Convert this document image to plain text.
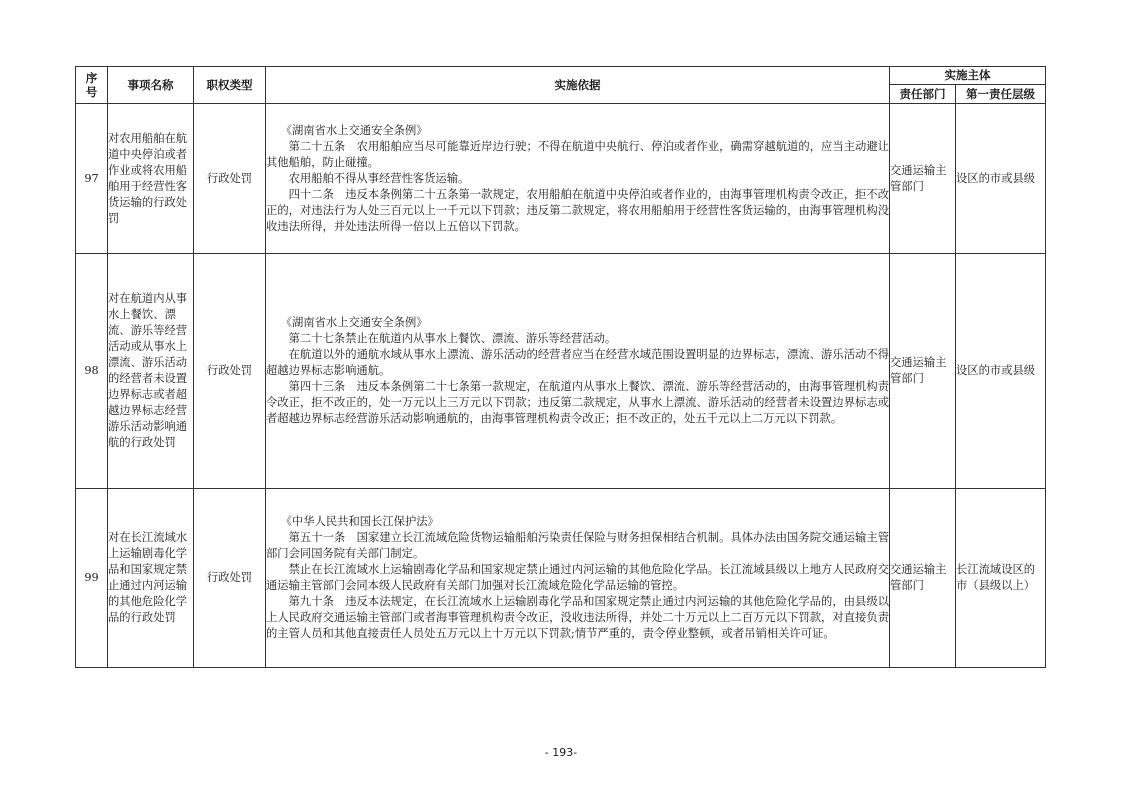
序号	事项名称	职权类型	实施依据	实施主体	
				责任部门	第一责任层级
97	对农用船舶在航道中央停泊或者作业或将农用船舶用于经营性客货运输的行政处罚	行政处罚	《湖南省水上交通安全条例》

第二十五条　农用船舶应当尽可能靠近岸边行驶；不得在航道中央航行、停泊或者作业，确需穿越航道的，应当主动避让其他船舶，防止碰撞。

农用船舶不得从事经营性客货运输。

四十二条　违反本条例第二十五条第一款规定，农用船舶在航道中央停泊或者作业的，由海事管理机构责令改正，拒不改正的，对违法行为人处三百元以上一千元以下罚款；违反第二款规定，将农用船舶用于经营性客货运输的，由海事管理机构没收违法所得，并处违法所得一倍以上五倍以下罚款。	交通运输主管部门	设区的市或县级
98	对在航道内从事水上餐饮、漂流、游乐等经营活动或从事水上漂流、游乐活动的经营者未设置边界标志或者超越边界标志经营游乐活动影响通航的行政处罚	行政处罚	《湖南省水上交通安全条例》

第二十七条禁止在航道内从事水上餐饮、漂流、游乐等经营活动。

在航道以外的通航水域从事水上漂流、游乐活动的经营者应当在经营水域范围设置明显的边界标志，漂流、游乐活动不得超越边界标志影响通航。

第四十三条　违反本条例第二十七条第一款规定，在航道内从事水上餐饮、漂流、游乐等经营活动的，由海事管理机构责令改正，拒不改正的，处一万元以上三万元以下罚款；违反第二款规定，从事水上漂流、游乐活动的经营者未设置边界标志或者超越边界标志经营游乐活动影响通航的，由海事管理机构责令改正；拒不改正的，处五千元以上二万元以下罚款。	交通运输主管部门	设区的市或县级
99	对在长江流域水上运输剧毒化学品和国家规定禁止通过内河运输的其他危险化学品的行政处罚	行政处罚	《中华人民共和国长江保护法》

第五十一条　国家建立长江流域危险货物运输船舶污染责任保险与财务担保相结合机制。具体办法由国务院交通运输主管部门会同国务院有关部门制定。

禁止在长江流域水上运输剧毒化学品和国家规定禁止通过内河运输的其他危险化学品。长江流域县级以上地方人民政府交通运输主管部门会同本级人民政府有关部门加强对长江流域危险化学品运输的管控。

第九十条　违反本法规定，在长江流域水上运输剧毒化学品和国家规定禁止通过内河运输的其他危险化学品的，由县级以上人民政府交通运输主管部门或者海事管理机构责令改正，没收违法所得，并处二十万元以上二百万元以下罚款，对直接负责的主管人员和其他直接责任人员处五万元以上十万元以下罚款;情节严重的，责令停业整顿，或者吊销相关许可证。	交通运输主管部门	长江流域设区的市（县级以上）
- 193-
